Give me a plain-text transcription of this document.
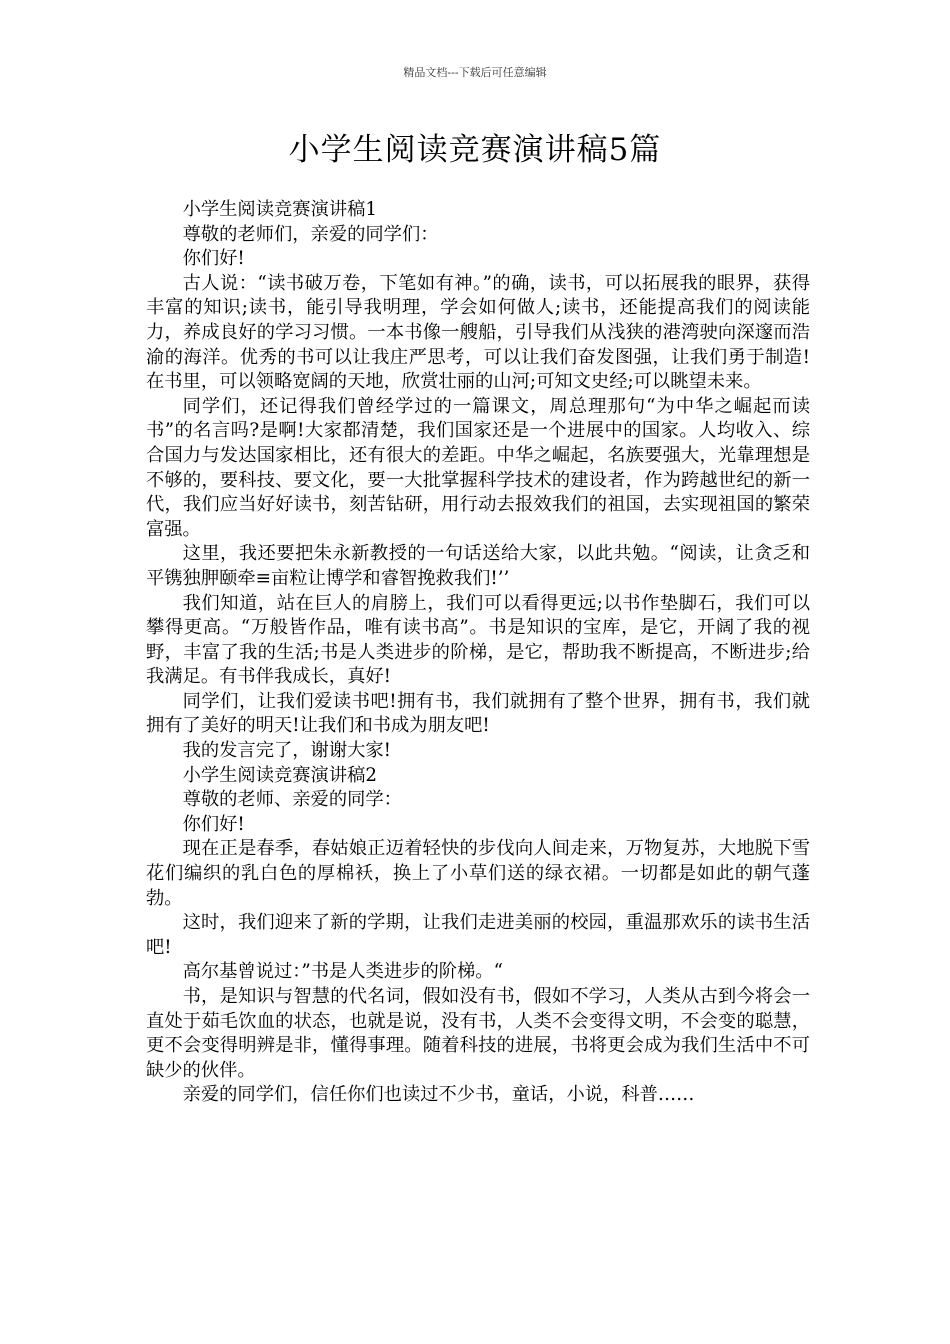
精品文档---下载后可任意编辑
小学生阅读竞赛演讲稿5篇

小学生阅读竞赛演讲稿1

尊敬的老师们，亲爱的同学们：

你们好!

古人说：“读书破万卷，下笔如有神。”的确，读书，可以拓展我的眼界，获得丰富的知识;读书，能引导我明理，学会如何做人;读书，还能提高我们的阅读能力，养成良好的学习习惯。一本书像一艘船，引导我们从浅狭的港湾驶向深邃而浩渝的海洋。优秀的书可以让我庄严思考，可以让我们奋发图强，让我们勇于制造!在书里，可以领略宽阔的天地，欣赏壮丽的山河;可知文史经;可以眺望未来。

同学们，还记得我们曾经学过的一篇课文，周总理那句“为中华之崛起而读书”的名言吗?是啊!大家都清楚，我们国家还是一个进展中的国家。人均收入、综合国力与发达国家相比，还有很大的差距。中华之崛起，名族要强大，光靠理想是不够的，要科技、要文化，要一大批掌握科学技术的建设者，作为跨越世纪的新一代，我们应当好好读书，刻苦钻研，用行动去报效我们的祖国，去实现祖国的繁荣富强。

这里，我还要把朱永新教授的一句话送给大家，以此共勉。“阅读，让贪乏和平镌独胛颐牵≡亩粒让博学和睿智挽救我们!’’

我们知道，站在巨人的肩膀上，我们可以看得更远;以书作垫脚石，我们可以攀得更高。“万般皆作品，唯有读书高”。书是知识的宝库，是它，开阔了我的视野，丰富了我的生活;书是人类进步的阶梯，是它，帮助我不断提高，不断进步;给我满足。有书伴我成长，真好!

同学们，让我们爱读书吧!拥有书，我们就拥有了整个世界，拥有书，我们就拥有了美好的明天!让我们和书成为朋友吧!

我的发言完了，谢谢大家!

小学生阅读竞赛演讲稿2

尊敬的老师、亲爱的同学：

你们好!

现在正是春季，春姑娘正迈着轻快的步伐向人间走来，万物复苏，大地脱下雪花们编织的乳白色的厚棉袄，换上了小草们送的绿衣裙。一切都是如此的朝气蓬勃。

这时，我们迎来了新的学期，让我们走进美丽的校园，重温那欢乐的读书生活吧!

高尔基曾说过：”书是人类进步的阶梯。“

书，是知识与智慧的代名词，假如没有书，假如不学习，人类从古到今将会一直处于茹毛饮血的状态，也就是说，没有书，人类不会变得文明，不会变的聪慧，更不会变得明辨是非，懂得事理。随着科技的进展，书将更会成为我们生活中不可缺少的伙伴。

亲爱的同学们，信任你们也读过不少书，童话，小说，科普……
